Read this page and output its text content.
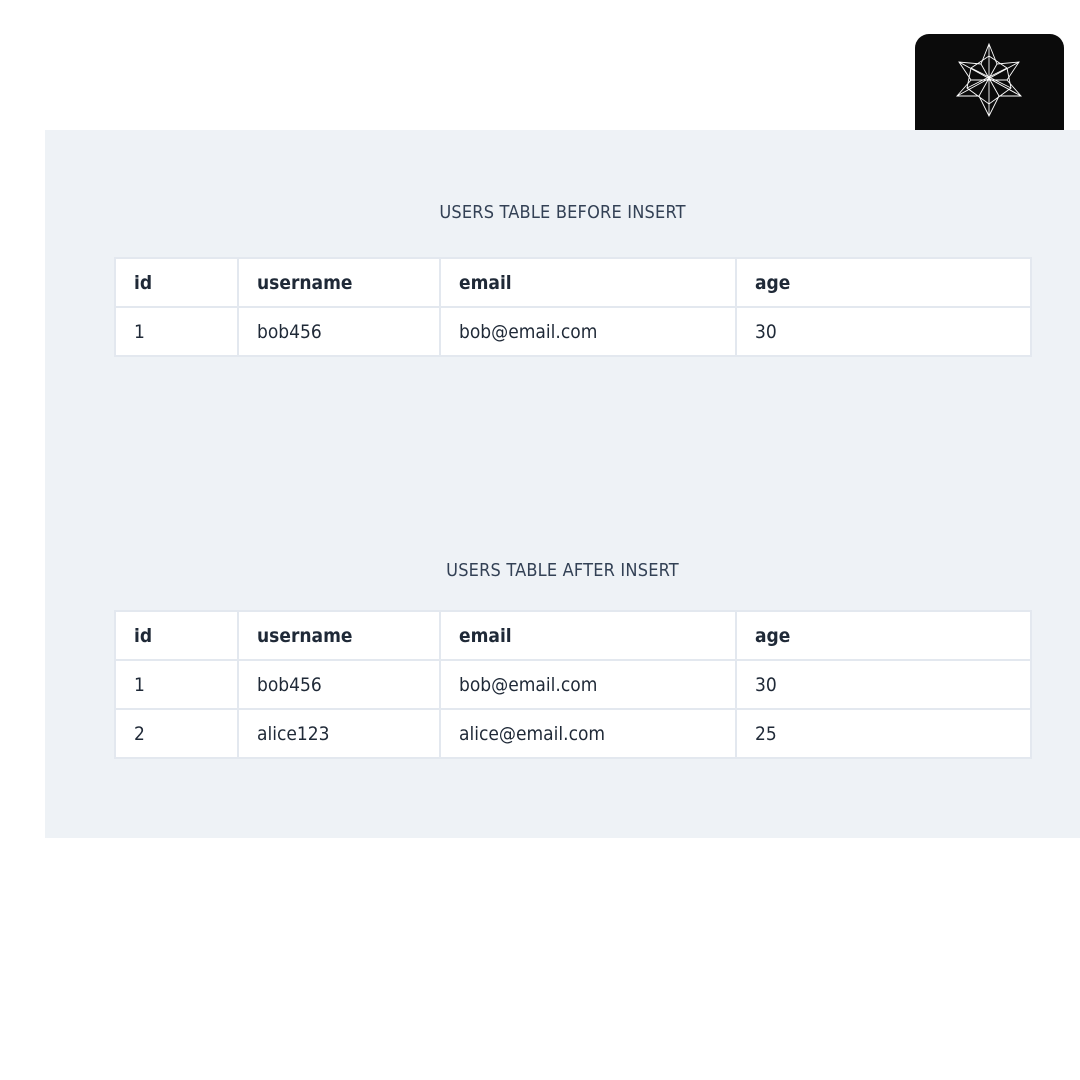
USERS TABLE BEFORE INSERT
id	username	email	age
1	bob456	bob@email.com	30
USERS TABLE AFTER INSERT
id	username	email	age
1	bob456	bob@email.com	30
2	alice123	alice@email.com	25
